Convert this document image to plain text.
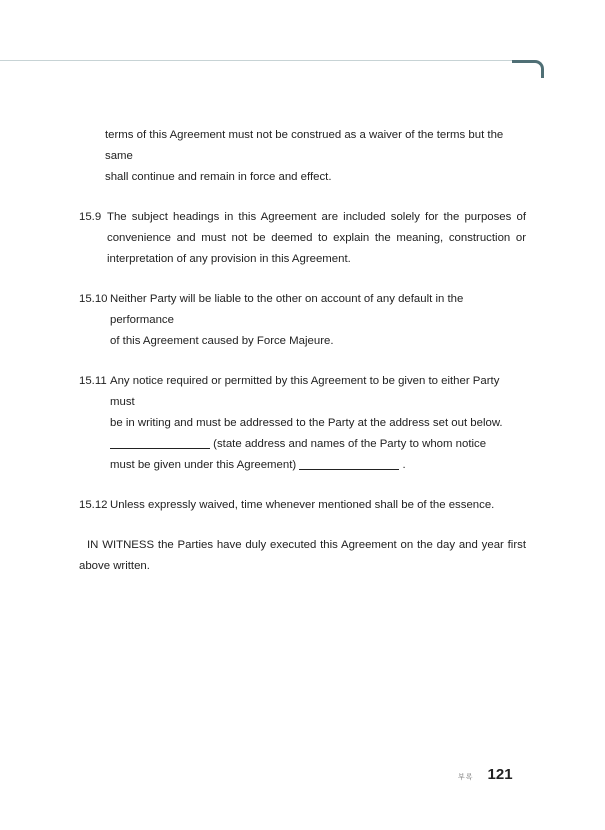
terms of this Agreement must not be construed as a waiver of the terms but the same
shall continue and remain in force and effect.
15.9 The subject headings in this Agreement are included solely for the purposes of convenience and must not be deemed to explain the meaning, construction or interpretation of any provision in this Agreement.
15.10 Neither Party will be liable to the other on account of any default in the performance
of this Agreement caused by Force Majeure.
15.11 Any notice required or permitted by this Agreement to be given to either Party must
be in writing and must be addressed to the Party at the address set out below.
(state address and names of the Party to whom notice
must be given under this Agreement)	.
15.12 Unless expressly waived, time whenever mentioned shall be of the essence.

IN WITNESS the Parties have duly executed this Agreement on the day and year first above written.

부록 121
